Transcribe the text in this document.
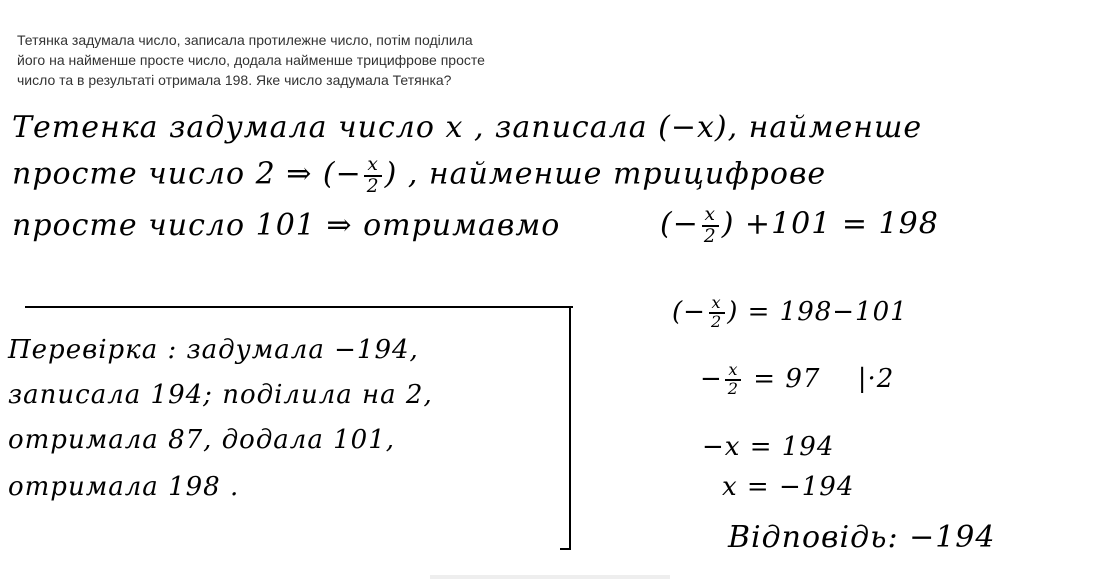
Тетянка задумала число, записала протилежне число, потім поділила
його на найменше просте число, додала найменше трицифрове просте
число та в результаті отримала 198. Яке число задумала Тетянка?
Тетенка задумала число x , записала (−x), найменше
просте число 2 ⇒ (− $\frac{x}{2}$ ) , найменше трицифрове
просте число 101 ⇒ отримавмо	(− $\frac{x}{2}$ ) +101 = 198
Перевірка : задумала −194,
записала 194; поділила на 2,
отримала 87, додала 101,
отримала 198 .
(− $\frac{x}{2}$ ) = 198−101
− $\frac{x}{2} = 97$ |·2
−x = 194
x = −194
Відповідь: −194
